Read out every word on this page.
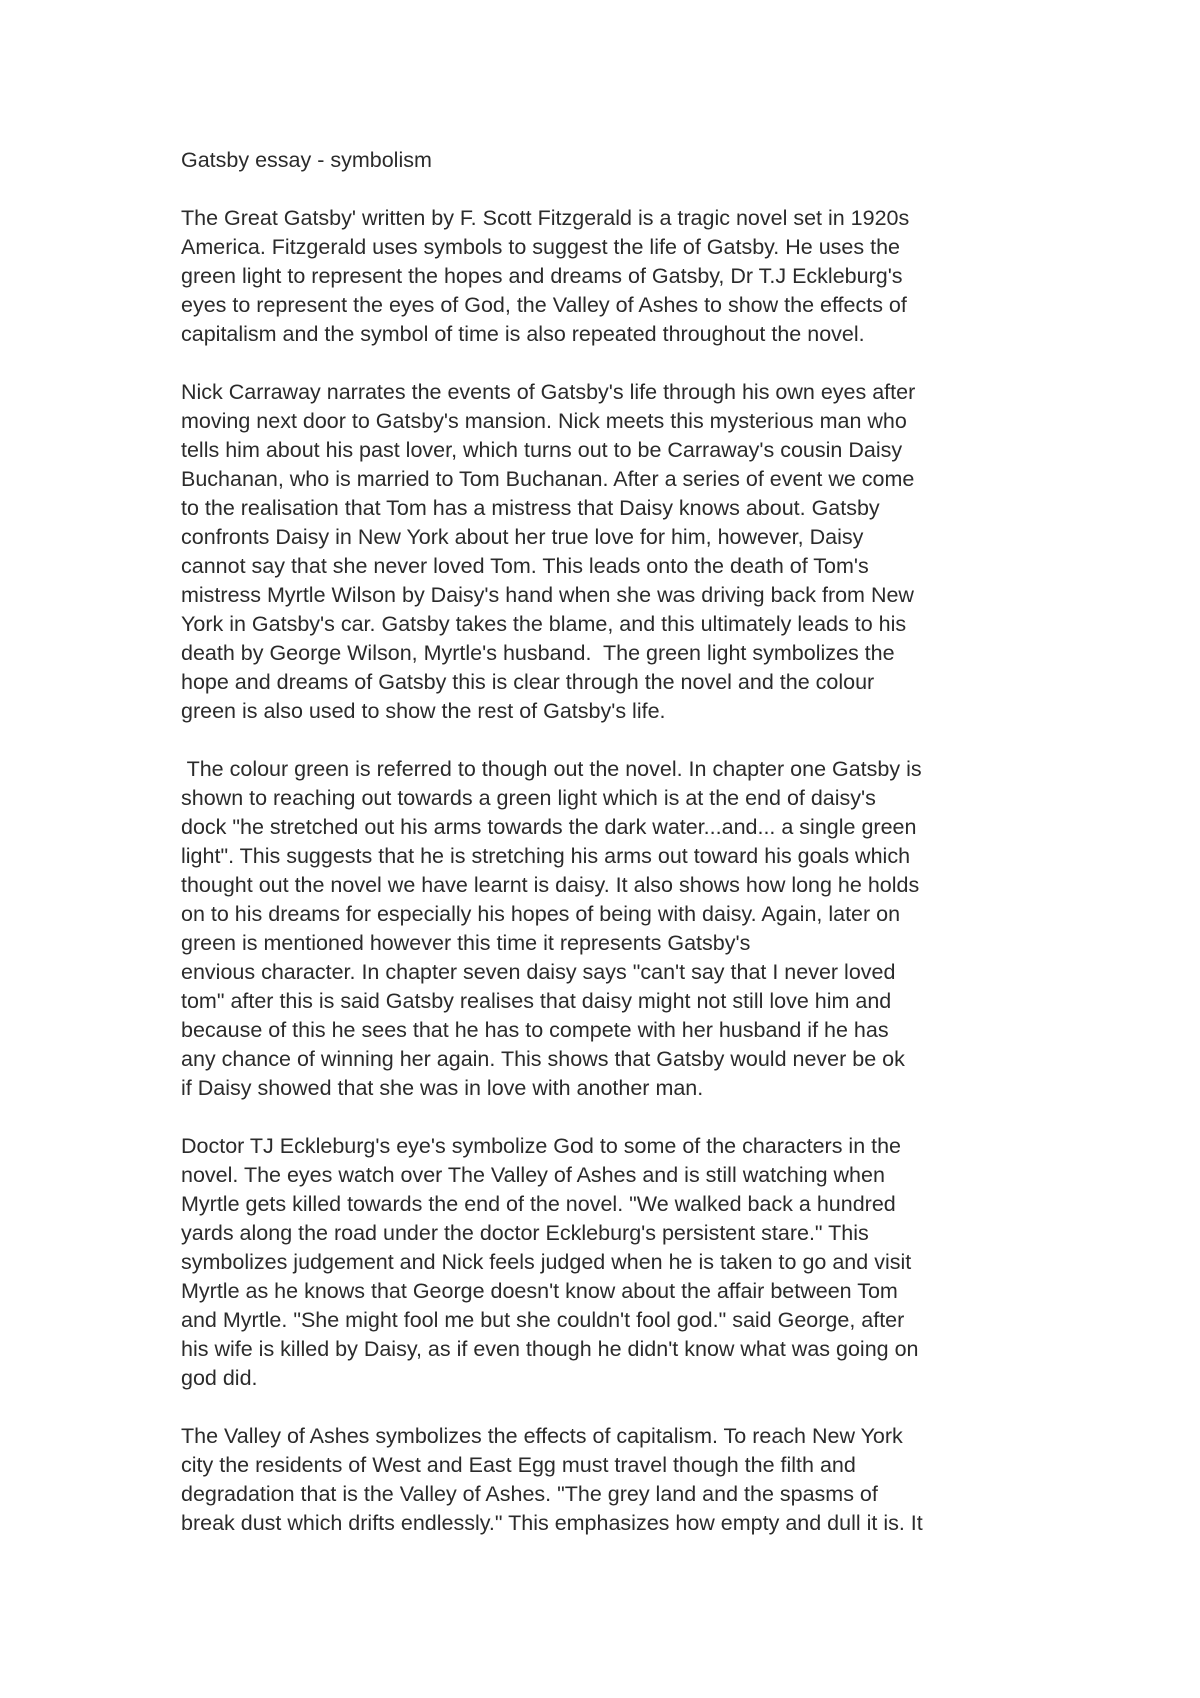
Gatsby essay - symbolism
The Great Gatsby' written by F. Scott Fitzgerald is a tragic novel set in 1920s
America. Fitzgerald uses symbols to suggest the life of Gatsby. He uses the
green light to represent the hopes and dreams of Gatsby, Dr T.J Eckleburg's
eyes to represent the eyes of God, the Valley of Ashes to show the effects of
capitalism and the symbol of time is also repeated throughout the novel.
Nick Carraway narrates the events of Gatsby's life through his own eyes after
moving next door to Gatsby's mansion. Nick meets this mysterious man who
tells him about his past lover, which turns out to be Carraway's cousin Daisy
Buchanan, who is married to Tom Buchanan. After a series of event we come
to the realisation that Tom has a mistress that Daisy knows about. Gatsby
confronts Daisy in New York about her true love for him, however, Daisy
cannot say that she never loved Tom. This leads onto the death of Tom's
mistress Myrtle Wilson by Daisy's hand when she was driving back from New
York in Gatsby's car. Gatsby takes the blame, and this ultimately leads to his
death by George Wilson, Myrtle's husband.  The green light symbolizes the
hope and dreams of Gatsby this is clear through the novel and the colour
green is also used to show the rest of Gatsby's life.
The colour green is referred to though out the novel. In chapter one Gatsby is
shown to reaching out towards a green light which is at the end of daisy's
dock "he stretched out his arms towards the dark water...and... a single green
light". This suggests that he is stretching his arms out toward his goals which
thought out the novel we have learnt is daisy. It also shows how long he holds
on to his dreams for especially his hopes of being with daisy. Again, later on
green is mentioned however this time it represents Gatsby's
envious character. In chapter seven daisy says "can't say that I never loved
tom" after this is said Gatsby realises that daisy might not still love him and
because of this he sees that he has to compete with her husband if he has
any chance of winning her again. This shows that Gatsby would never be ok
if Daisy showed that she was in love with another man.
Doctor TJ Eckleburg's eye's symbolize God to some of the characters in the
novel. The eyes watch over The Valley of Ashes and is still watching when
Myrtle gets killed towards the end of the novel. "We walked back a hundred
yards along the road under the doctor Eckleburg's persistent stare." This
symbolizes judgement and Nick feels judged when he is taken to go and visit
Myrtle as he knows that George doesn't know about the affair between Tom
and Myrtle. "She might fool me but she couldn't fool god." said George, after
his wife is killed by Daisy, as if even though he didn't know what was going on
god did.
The Valley of Ashes symbolizes the effects of capitalism. To reach New York
city the residents of West and East Egg must travel though the filth and
degradation that is the Valley of Ashes. "The grey land and the spasms of
break dust which drifts endlessly." This emphasizes how empty and dull it is. It
